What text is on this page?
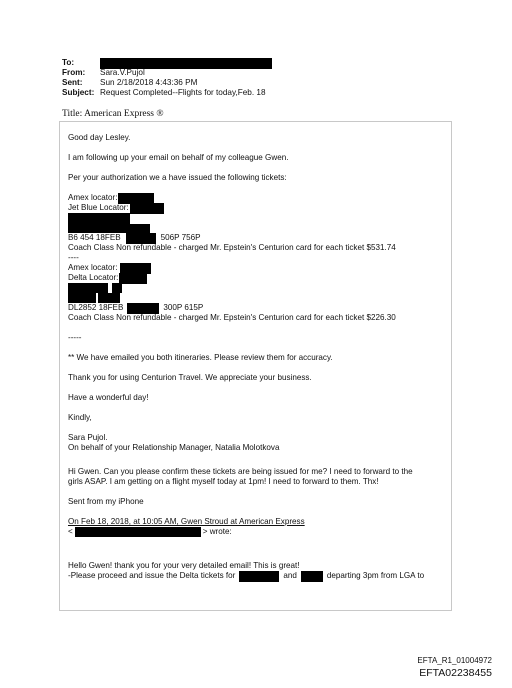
To:
From:	Sara.V.Pujol
Sent:	Sun 2/18/2018 4:43:36 PM
Subject: Request Completed--Flights for today,Feb. 18
Title: American Express ®
Good day Lesley.
I am following up your email on behalf of my colleague Gwen.
Per your authorization we a have issued the following tickets:
Amex locator:
Jet Blue Locator:
B6 454 18FEB	506P 756P
Coach Class Non refundable - charged Mr. Epstein's Centurion card for each ticket $531.74
----
Amex locator:
Delta Locator:
DL2852 18FEB	300P 615P
Coach Class Non refundable - charged Mr. Epstein's Centurion card for each ticket $226.30
-----
** We have emailed you both itineraries. Please review them for accuracy.
Thank you for using Centurion Travel. We appreciate your business.
Have a wonderful day!
Kindly,
Sara Pujol.
On behalf of your Relationship Manager, Natalia Molotkova
Hi Gwen. Can you please confirm these tickets are being issued for me? I need to forward to the
girls ASAP. I am getting on a flight myself today at 1pm! I need to forward to them. Thx!
Sent from my iPhone
On Feb 18, 2018, at 10:05 AM, Gwen Stroud at American Express
<	> wrote:
Hello Gwen! thank you for your very detailed email! This is great!
-Please proceed and issue the Delta tickets for	and	departing 3pm from LGA to
EFTA_R1_01004972
EFTA02238455
